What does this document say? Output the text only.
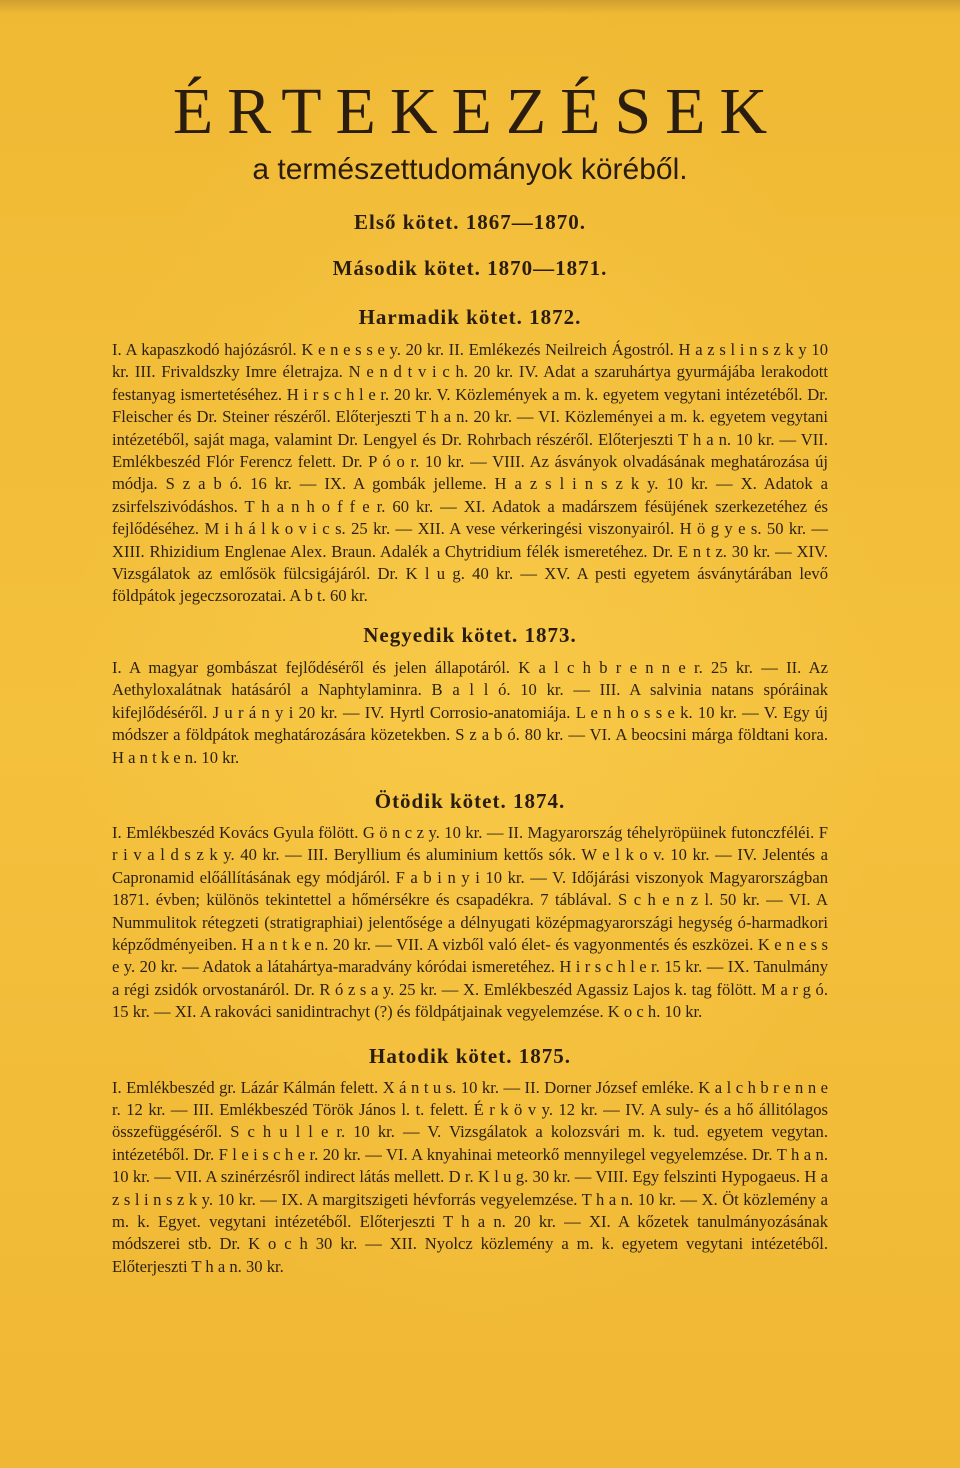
ÉRTEKEZÉSEK

a természettudományok köréből.

Első kötet. 1867—1870.

Második kötet. 1870—1871.

Harmadik kötet. 1872.

I. A kapaszkodó hajózásról. K e n e s s e y. 20 kr. II. Emlékezés Neilreich Ágostról. H a z s l i n s z k y 10 kr. III. Frivaldszky Imre életrajza. N e n d t v i c h. 20 kr. IV. Adat a szaruhártya gyurmájába lerakodott festanyag ismertetéséhez. H i r s c h l e r. 20 kr. V. Közlemények a m. k. egyetem vegytani intézetéből. Dr. Fleischer és Dr. Steiner részéről. Előterjeszti T h a n. 20 kr. — VI. Közleményei a m. k. egyetem vegytani intézetéből, saját maga, valamint Dr. Lengyel és Dr. Rohrbach részéről. Előterjeszti T h a n. 10 kr. — VII. Emlékbeszéd Flór Ferencz felett. Dr. P ó o r. 10 kr. — VIII. Az ásványok olvadásának meghatározása új módja. S z a b ó. 16 kr. — IX. A gombák jelleme. H a z s l i n s z k y. 10 kr. — X. Adatok a zsirfelszivódáshos. T h a n h o f f e r. 60 kr. — XI. Adatok a madárszem fésüjének szerkezetéhez és fejlődéséhez. M i h á l k o v i c s. 25 kr. — XII. A vese vérkeringési viszonyairól. H ö g y e s. 50 kr. — XIII. Rhizidium Englenae Alex. Braun. Adalék a Chytridium félék ismeretéhez. Dr. E n t z. 30 kr. — XIV. Vizsgálatok az emlősök fülcsigájáról. Dr. K l u g. 40 kr. — XV. A pesti egyetem ásványtárában levő földpátok jegeczsorozatai. A b t. 60 kr.

Negyedik kötet. 1873.

I. A magyar gombászat fejlődéséről és jelen állapotáról. K a l c h b r e n n e r. 25 kr. — II. Az Aethyloxalátnak hatásáról a Naphtylaminra. B a l l ó. 10 kr. — III. A salvinia natans spóráinak kifejlődéséről. J u r á n y i 20 kr. — IV. Hyrtl Corrosio-anatomiája. L e n h o s s e k. 10 kr. — V. Egy új módszer a földpátok meghatározására közetekben. S z a b ó. 80 kr. — VI. A beocsini márga földtani kora. H a n t k e n. 10 kr.

Ötödik kötet. 1874.

I. Emlékbeszéd Kovács Gyula fölött. G ö n c z y. 10 kr. — II. Magyarország téhelyröpüinek futonczféléi. F r i v a l d s z k y. 40 kr. — III. Beryllium és aluminium kettős sók. W e l k o v. 10 kr. — IV. Jelentés a Capronamid előállításának egy módjáról. F a b i n y i 10 kr. — V. Időjárási viszonyok Magyarországban 1871. évben; különös tekintettel a hőmérsékre és csapadékra. 7 táblával. S c h e n z l. 50 kr. — VI. A Nummulitok rétegzeti (stratigraphiai) jelentősége a délnyugati középmagyarországi hegység ó-harmadkori képződményeiben. H a n t k e n. 20 kr. — VII. A vizből való élet- és vagyonmentés és eszközei. K e n e s s e y. 20 kr. — Adatok a látahártya-maradvány kóródai ismeretéhez. H i r s c h l e r. 15 kr. — IX. Tanulmány a régi zsidók orvostanáról. Dr. R ó z s a y. 25 kr. — X. Emlékbeszéd Agassiz Lajos k. tag fölött. M a r g ó. 15 kr. — XI. A rakováci sanidintrachyt (?) és földpátjainak vegyelemzése. K o c h. 10 kr.

Hatodik kötet. 1875.

I. Emlékbeszéd gr. Lázár Kálmán felett. X á n t u s. 10 kr. — II. Dorner József emléke. K a l c h b r e n n e r. 12 kr. — III. Emlékbeszéd Török János l. t. felett. É r k ö v y. 12 kr. — IV. A suly- és a hő állitólagos összefüggéséről. S c h u l l e r. 10 kr. — V. Vizsgálatok a kolozsvári m. k. tud. egyetem vegytan. intézetéből. Dr. F l e i s c h e r. 20 kr. — VI. A knyahinai meteorkő mennyilegel vegyelemzése. Dr. T h a n. 10 kr. — VII. A szinérzésről indirect látás mellett. D r. K l u g. 30 kr. — VIII. Egy felszinti Hypogaeus. H a z s l i n s z k y. 10 kr. — IX. A margitszigeti hévforrás vegyelemzése. T h a n. 10 kr. — X. Öt közlemény a m. k. Egyet. vegytani intézetéből. Előterjeszti T h a n. 20 kr. — XI. A kőzetek tanulmányozásának módszerei stb. Dr. K o c h 30 kr. — XII. Nyolcz közlemény a m. k. egyetem vegytani intézetéből. Előterjeszti T h a n. 30 kr.
